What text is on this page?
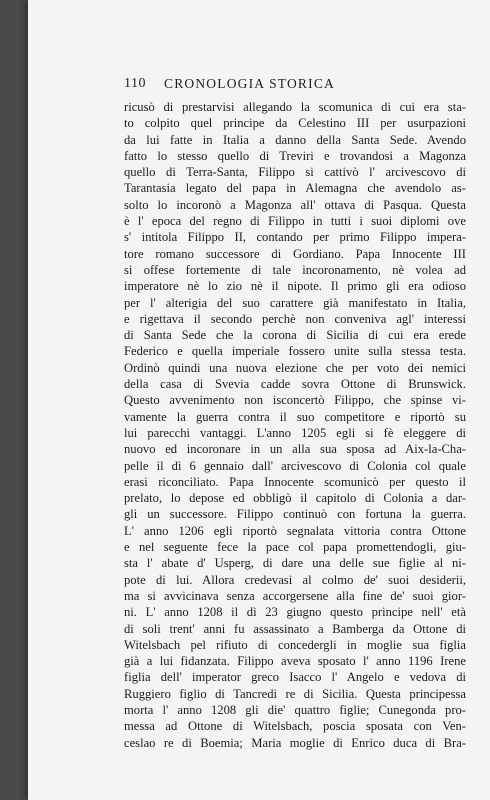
110 CRONOLOGIA STORICA
ricusò di prestarvisi allegando la scomunica di cui era sta-
to colpito quel principe da Celestino III per usurpazioni
da lui fatte in Italia a danno della Santa Sede. Avendo
fatto lo stesso quello di Treviri e trovandosi a Magonza
quello di Terra-Santa, Filippo si cattivò l' arcivescovo di
Tarantasia legato del papa in Alemagna che avendolo as-
solto lo incoronò a Magonza all' ottava di Pasqua. Questa
è l' epoca del regno di Filippo in tutti i suoi diplomi ove
s' intitola Filippo II, contando per primo Filippo impera-
tore romano successore di Gordiano. Papa Innocente III
si offese fortemente di tale incoronamento, nè volea ad
imperatore nè lo zio nè il nipote. Il primo gli era odioso
per l' alterigia del suo carattere già manifestato in Italia,
e rigettava il secondo perchè non conveniva agl' interessi
di Santa Sede che la corona di Sicilia di cui era erede
Federico e quella imperiale fossero unite sulla stessa testa.
Ordinò quindi una nuova elezione che per voto dei nemici
della casa di Svevia cadde sovra Ottone di Brunswick.
Questo avvenimento non isconcertò Filippo, che spinse vi-
vamente la guerra contra il suo competitore e riportò su
lui parecchi vantaggi. L'anno 1205 egli si fè eleggere di
nuovo ed incoronare in un alla sua sposa ad Aix-la-Cha-
pelle il dì 6 gennaio dall' arcivescovo di Colonia col quale
erasi riconciliato. Papa Innocente scomunicò per questo il
prelato, lo depose ed obbligò il capitolo di Colonia a dar-
gli un successore. Filippo continuò con fortuna la guerra.
L' anno 1206 egli riportò segnalata vittoria contra Ottone
e nel seguente fece la pace col papa promettendogli, giu-
sta l' abate d' Usperg, di dare una delle sue figlie al ni-
pote di lui. Allora credevasi al colmo de' suoi desiderii,
ma si avvicinava senza accorgersene alla fine de' suoi gior-
ni. L' anno 1208 il dì 23 giugno questo principe nell' età
di soli trent' anni fu assassinato a Bamberga da Ottone di
Witelsbach pel rifiuto di concedergli in moglie sua figlia
già a lui fidanzata. Filippo aveva sposato l' anno 1196 Irene
figlia dell' imperator greco Isacco l' Angelo e vedova di
Ruggiero figlio di Tancredi re di Sicilia. Questa principessa
morta l' anno 1208 gli die' quattro figlie; Cunegonda pro-
messa ad Ottone di Witelsbach, poscia sposata con Ven-
ceslao re di Boemia; Maria moglie di Enrico duca di Bra-
